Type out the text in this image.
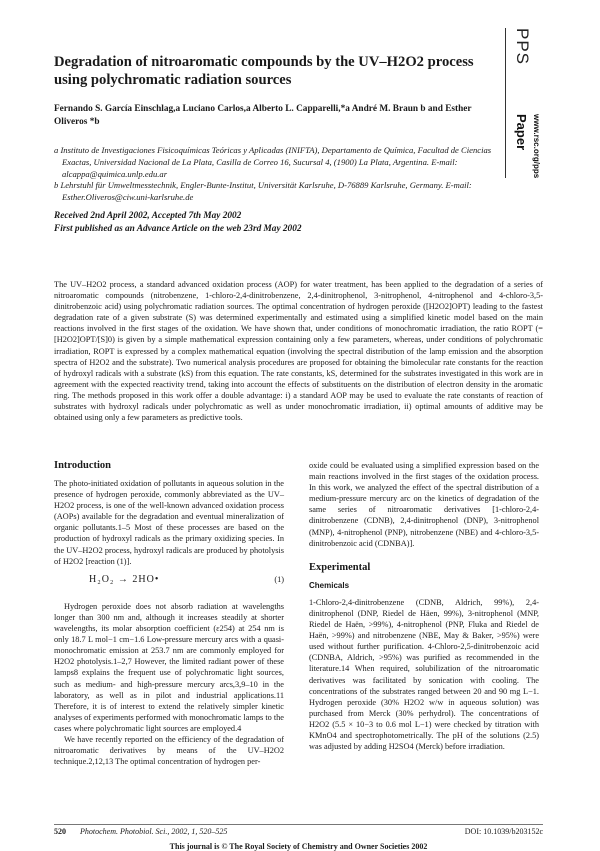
Degradation of nitroaromatic compounds by the UV–H2O2 process using polychromatic radiation sources
PPS
Paper www.rsc.org/pps

Fernando S. García Einschlag,a Luciano Carlos,a Alberto L. Capparelli,*a André M. Braun b and Esther Oliveros *b

a Instituto de Investigaciones Fisicoquímicas Teóricas y Aplicadas (INIFTA), Departamento de Química, Facultad de Ciencias Exactas, Universidad Nacional de La Plata, Casilla de Correo 16, Sucursal 4, (1900) La Plata, Argentina. E-mail: alcappa@quimica.unlp.edu.ar

b Lehrstuhl für Umweltmesstechnik, Engler-Bunte-Institut, Universität Karlsruhe, D-76889 Karlsruhe, Germany. E-mail: Esther.Oliveros@ciw.uni-karlsruhe.de

Received 2nd April 2002, Accepted 7th May 2002
First published as an Advance Article on the web 23rd May 2002

The UV–H2O2 process, a standard advanced oxidation process (AOP) for water treatment, has been applied to the degradation of a series of nitroaromatic compounds (nitrobenzene, 1-chloro-2,4-dinitrobenzene, 2,4-dinitrophenol, 3-nitrophenol, 4-nitrophenol and 4-chloro-3,5-dinitrobenzoic acid) using polychromatic radiation sources. The optimal concentration of hydrogen peroxide ([H2O2]OPT) leading to the fastest degradation rate of a given substrate (S) was determined experimentally and estimated using a simplified kinetic model based on the main reactions involved in the first stages of the oxidation. We have shown that, under conditions of monochromatic irradiation, the ratio ROPT (= [H2O2]OPT/[S]0) is given by a simple mathematical expression containing only a few parameters, whereas, under conditions of polychromatic irradiation, ROPT is expressed by a complex mathematical equation (involving the spectral distribution of the lamp emission and the absorption spectra of H2O2 and the substrate). Two numerical analysis procedures are proposed for obtaining the bimolecular rate constants for the reaction of hydroxyl radicals with a substrate (kS) from this equation. The rate constants, kS, determined for the substrates investigated in this work are in agreement with the expected reactivity trend, taking into account the effects of substituents on the distribution of electron density in the aromatic ring. The methods proposed in this work offer a double advantage: i) a standard AOP may be used to evaluate the rate constants of reaction of substrates with hydroxyl radicals under polychromatic as well as under monochromatic irradiation, ii) optimal amounts of additive may be obtained using only a few parameters as predictive tools.

Introduction

The photo-initiated oxidation of pollutants in aqueous solution in the presence of hydrogen peroxide, commonly abbreviated as the UV–H2O2 process, is one of the well-known advanced oxidation process (AOPs) available for the degradation and eventual mineralization of organic pollutants.1–5 Most of these processes are based on the production of hydroxyl radicals as the primary oxidizing species. In the UV–H2O2 process, hydroxyl radicals are produced by photolysis of H2O2 [reaction (1)].

H₂O₂ → 2HO•	(1)

Hydrogen peroxide does not absorb radiation at wavelengths longer than 300 nm and, although it increases steadily at shorter wavelengths, its molar absorption coefficient (ε254) at 254 nm is only 18.7 L mol−1 cm−1.6 Low-pressure mercury arcs with a quasi-monochromatic emission at 253.7 nm are commonly employed for H2O2 photolysis.1–2,7 However, the limited radiant power of these lamps8 explains the frequent use of polychromatic light sources, such as medium- and high-pressure mercury arcs,3,9–10 in the laboratory, as well as in pilot and industrial applications.11 Therefore, it is of interest to extend the relatively simpler kinetic analyses of experiments performed with monochromatic lamps to the cases where polychromatic light sources are employed.4

We have recently reported on the efficiency of the degradation of nitroaromatic derivatives by means of the UV–H2O2 technique.2,12,13 The optimal concentration of hydrogen per-

oxide could be evaluated using a simplified expression based on the main reactions involved in the first stages of the oxidation process. In this work, we analyzed the effect of the spectral distribution of a medium-pressure mercury arc on the kinetics of degradation of the same series of nitroaromatic derivatives [1-chloro-2,4-dinitrobenzene (CDNB), 2,4-dinitrophenol (DNP), 3-nitrophenol (MNP), 4-nitrophenol (PNP), nitrobenzene (NBE) and 4-chloro-3,5-dinitrobenzoic acid (CDNBA)].

Experimental
Chemicals

1-Chloro-2,4-dinitrobenzene (CDNB, Aldrich, 99%), 2,4-dinitrophenol (DNP, Riedel de Häen, 99%), 3-nitrophenol (MNP, Riedel de Haën, >99%), 4-nitrophenol (PNP, Fluka and Riedel de Haën, >99%) and nitrobenzene (NBE, May & Baker, >95%) were used without further purification. 4-Chloro-2,5-dinitrobenzoic acid (CDNBA, Aldrich, >95%) was purified as recommended in the literature.14 When required, solubilization of the nitroaromatic derivatives was facilitated by sonication with cooling. The concentrations of the substrates ranged between 20 and 90 mg L−1. Hydrogen peroxide (30% H2O2 w/w in aqueous solution) was purchased from Merck (30% perhydrol). The concentrations of H2O2 (5.5 × 10−3 to 0.6 mol L−1) were checked by titration with KMnO4 and spectrophotometrically. The pH of the solutions (2.5) was adjusted by adding H2SO4 (Merck) before irradiation.

520 Photochem. Photobiol. Sci., 2002, 1, 520–525	DOI: 10.1039/b203152c
This journal is © The Royal Society of Chemistry and Owner Societies 2002
